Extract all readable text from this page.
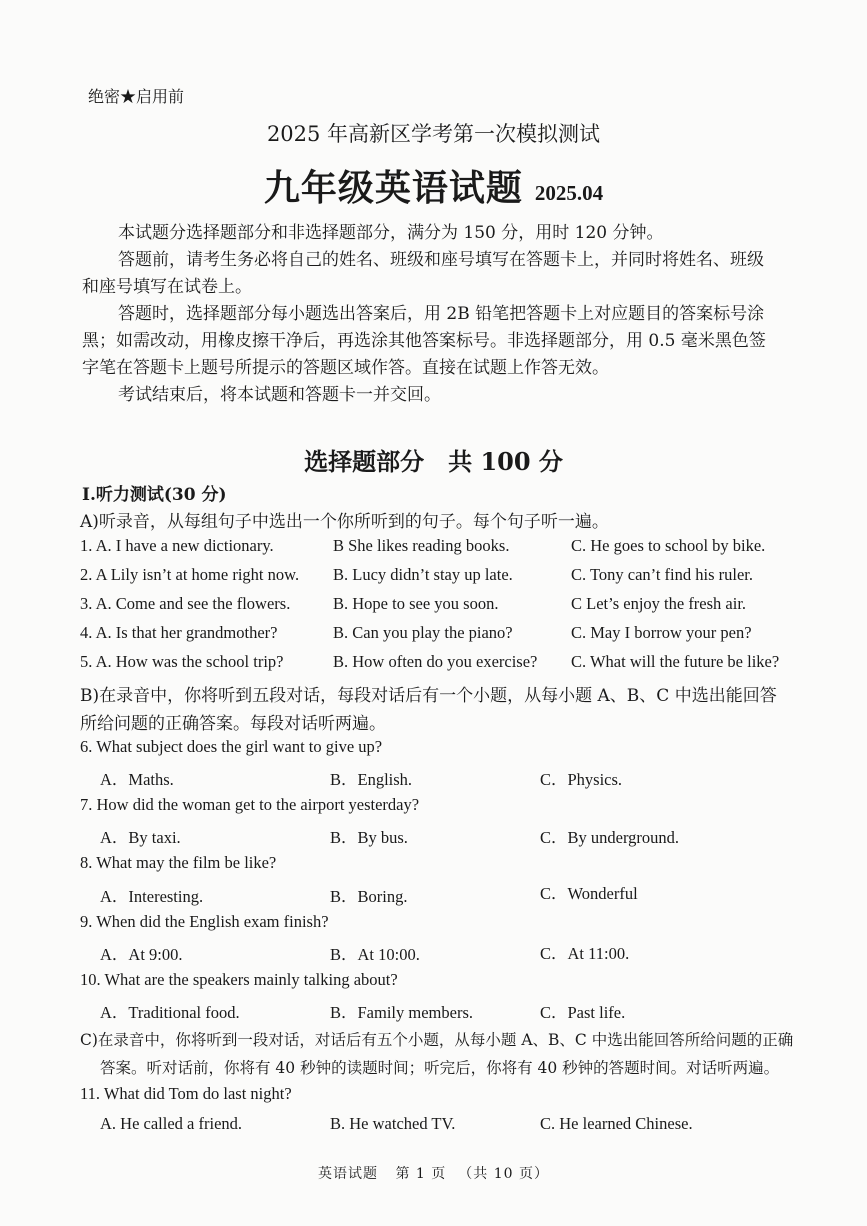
绝密★启用前
2025 年高新区学考第一次模拟测试
九年级英语试题 2025.04
本试题分选择题部分和非选择题部分，满分为 150 分，用时 120 分钟。
答题前，请考生务必将自己的姓名、班级和座号填写在答题卡上，并同时将姓名、班级
和座号填写在试卷上。
答题时，选择题部分每小题选出答案后，用 2B 铅笔把答题卡上对应题目的答案标号涂
黑；如需改动，用橡皮擦干净后，再选涂其他答案标号。非选择题部分，用 0.5 毫米黑色签
字笔在答题卡上题号所提示的答题区域作答。直接在试题上作答无效。
考试结束后，将本试题和答题卡一并交回。
选择题部分　共 100 分
I.听力测试(30 分)
A)听录音，从每组句子中选出一个你所听到的句子。每个句子听一遍。
1. A. I have a new dictionary.	B She likes reading books.	C. He goes to school by bike.
2. A Lily isn’t at home right now. B. Lucy didn’t stay up late.	C. Tony can’t find his ruler.
3. A. Come and see the flowers.	B. Hope to see you soon.	C Let’s enjoy the fresh air.
4. A. Is that her grandmother?	B. Can you play the piano?	C. May I borrow your pen?
5. A. How was the school trip?	B. How often do you exercise? C. What will the future be like?
B)在录音中，你将听到五段对话，每段对话后有一个小题，从每小题 A、B、C 中选出能回答
所给问题的正确答案。每段对话听两遍。
6. What subject does the girl want to give up?
A．Maths.	B．English.	C．Physics.
7. How did the woman get to the airport yesterday?
A．By taxi.	B．By bus.	C．By underground.
8. What may the film be like?
A．Interesting.	B．Boring.	C．Wonderful
9. When did the English exam finish?
A．At 9:00.	B．At 10:00.	C．At 11:00.
10. What are the speakers mainly talking about?
A．Traditional food.	B．Family members.	C．Past life.
C)在录音中，你将听到一段对话，对话后有五个小题，从每小题 A、B、C 中选出能回答所给问题的正确
答案。听对话前，你将有 40 秒钟的读题时间；听完后，你将有 40 秒钟的答题时间。对话听两遍。
11. What did Tom do last night?
A. He called a friend.	B. He watched TV.	C. He learned Chinese.
英语试题 第 1 页 （共 10 页）
